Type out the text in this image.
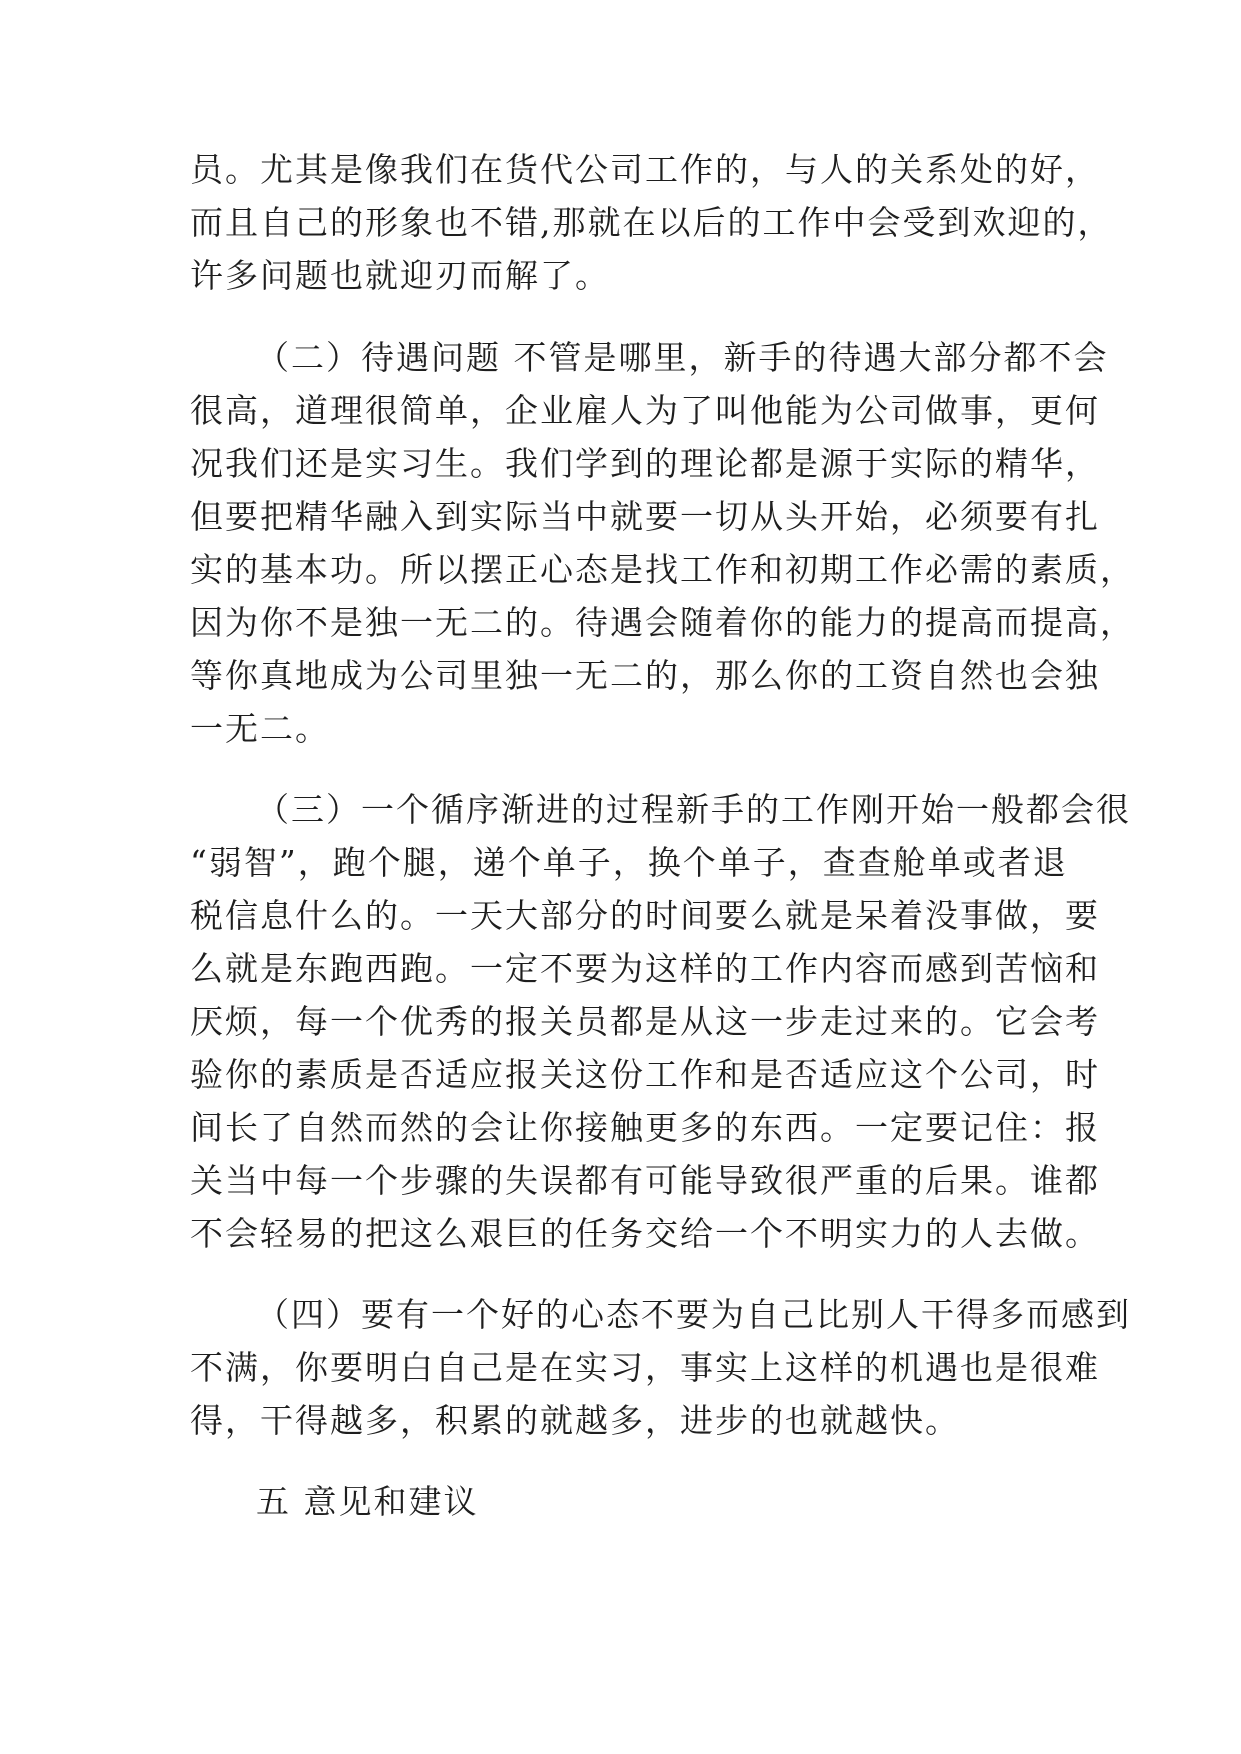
员。尤其是像我们在货代公司工作的，与人的关系处的好，
而且自己的形象也不错,那就在以后的工作中会受到欢迎的，
许多问题也就迎刃而解了。
（二）待遇问题 不管是哪里，新手的待遇大部分都不会
很高，道理很简单，企业雇人为了叫他能为公司做事，更何
况我们还是实习生。我们学到的理论都是源于实际的精华，
但要把精华融入到实际当中就要一切从头开始，必须要有扎
实的基本功。所以摆正心态是找工作和初期工作必需的素质，
因为你不是独一无二的。待遇会随着你的能力的提高而提高，
等你真地成为公司里独一无二的，那么你的工资自然也会独
一无二。
（三）一个循序渐进的过程新手的工作刚开始一般都会很
“弱智”，跑个腿，递个单子，换个单子，查查舱单或者退
税信息什么的。一天大部分的时间要么就是呆着没事做，要
么就是东跑西跑。一定不要为这样的工作内容而感到苦恼和
厌烦，每一个优秀的报关员都是从这一步走过来的。它会考
验你的素质是否适应报关这份工作和是否适应这个公司，时
间长了自然而然的会让你接触更多的东西。一定要记住：报
关当中每一个步骤的失误都有可能导致很严重的后果。谁都
不会轻易的把这么艰巨的任务交给一个不明实力的人去做。
（四）要有一个好的心态不要为自己比别人干得多而感到
不满，你要明白自己是在实习，事实上这样的机遇也是很难
得，干得越多，积累的就越多，进步的也就越快。
五 意见和建议
